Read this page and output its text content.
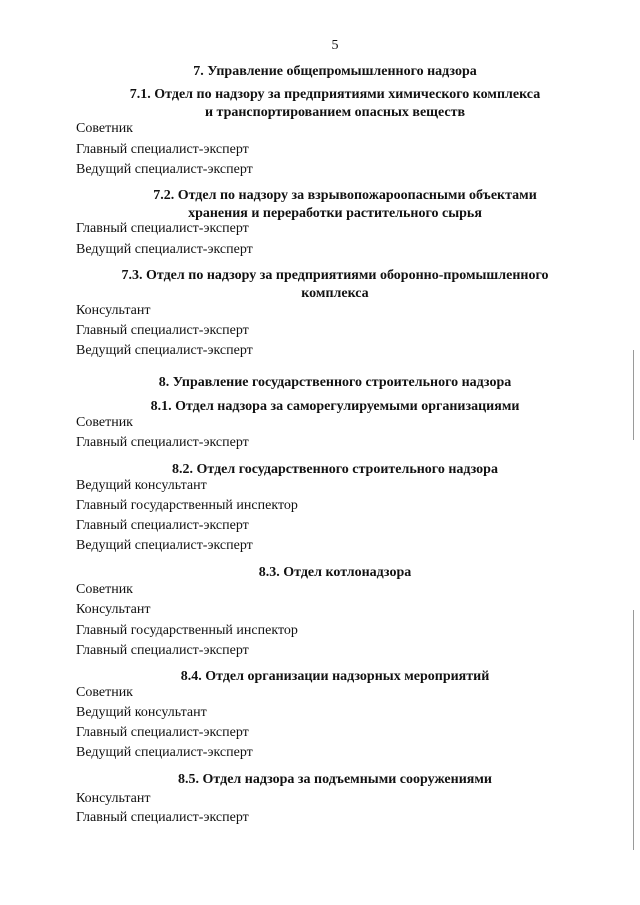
5
7. Управление общепромышленного надзора
7.1. Отдел по надзору за предприятиями химического комплекса
и транспортированием опасных веществ
Советник
Главный специалист-эксперт
Ведущий специалист-эксперт
7.2. Отдел по надзору за взрывопожароопасными объектами
хранения и переработки растительного сырья
Главный специалист-эксперт
Ведущий специалист-эксперт
7.3. Отдел по надзору за предприятиями оборонно-промышленного
комплекса
Консультант
Главный специалист-эксперт
Ведущий специалист-эксперт
8. Управление государственного строительного надзора
8.1. Отдел надзора за саморегулируемыми организациями
Советник
Главный специалист-эксперт
8.2. Отдел государственного строительного надзора
Ведущий консультант
Главный государственный инспектор
Главный специалист-эксперт
Ведущий специалист-эксперт
8.3. Отдел котлонадзора
Советник
Консультант
Главный государственный инспектор
Главный специалист-эксперт
8.4. Отдел организации надзорных мероприятий
Советник
Ведущий консультант
Главный специалист-эксперт
Ведущий специалист-эксперт
8.5. Отдел надзора за подъемными сооружениями
Консультант
Главный специалист-эксперт
